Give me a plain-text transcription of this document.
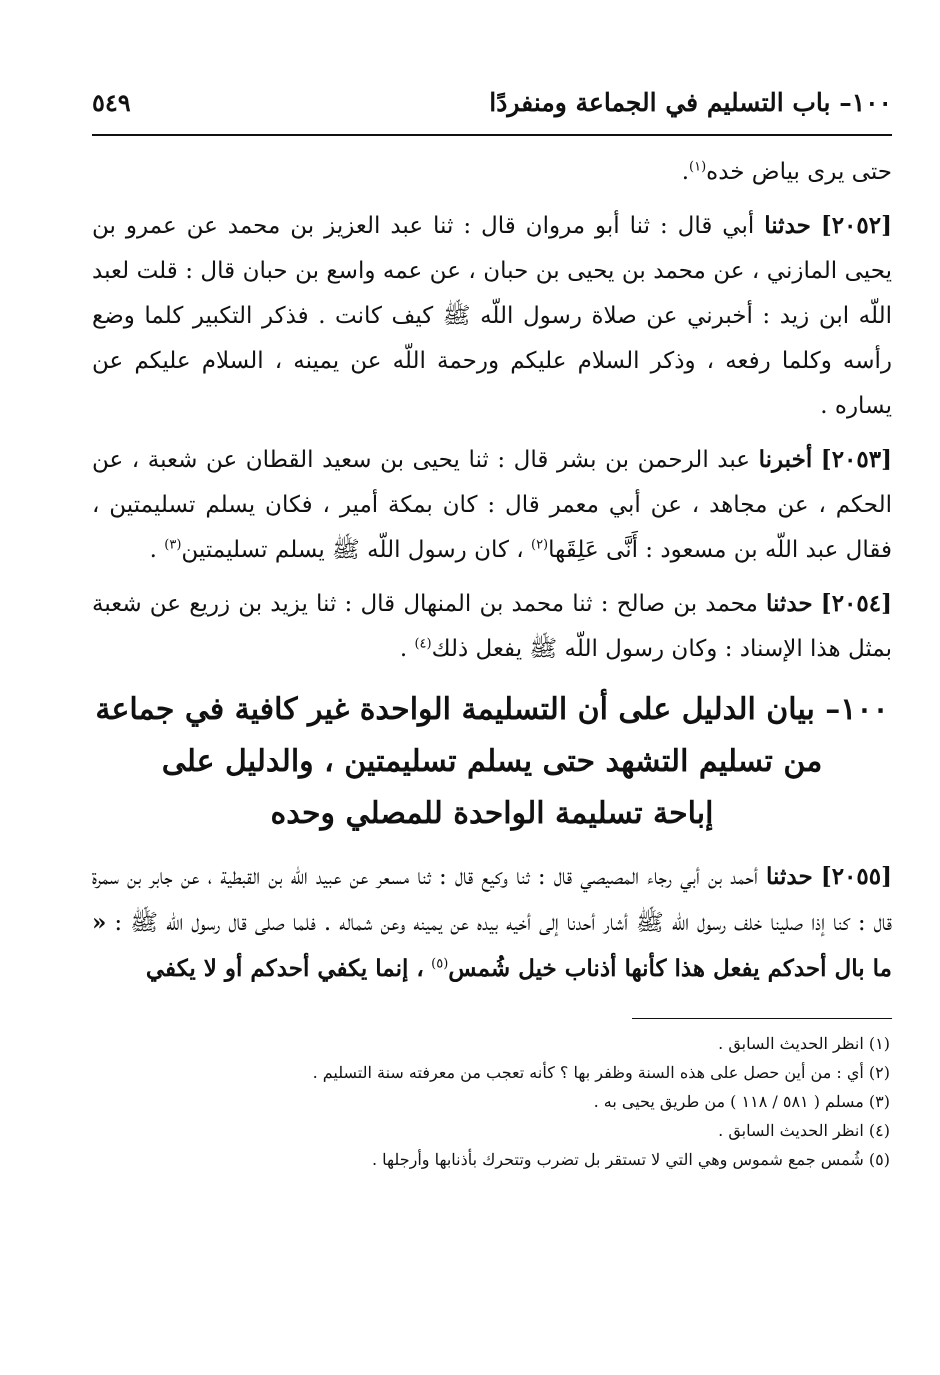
١٠٠– باب التسليم في الجماعة ومنفردًا
٥٤٩

حتى يرى بياض خده$^{(١)}$.

[٢٠٥٢] حدثنا أبي قال : ثنا أبو مروان قال : ثنا عبد العزيز بن محمد عن عمرو بن يحيى المازني ، عن محمد بن يحيى بن حبان ، عن عمه واسع بن حبان قال : قلت لعبد اللّه ابن زيد : أخبرني عن صلاة رسول اللّه ﷺ كيف كانت . فذكر التكبير كلما وضع رأسه وكلما رفعه ، وذكر السلام عليكم ورحمة اللّه عن يمينه ، السلام عليكم عن يساره .

[٢٠٥٣] أخبرنا عبد الرحمن بن بشر قال : ثنا يحيى بن سعيد القطان عن شعبة ، عن الحكم ، عن مجاهد ، عن أبي معمر قال : كان بمكة أمير ، فكان يسلم تسليمتين ، فقال عبد اللّه بن مسعود : أَنَّى عَلِقَها$^{(٢)}$ ، كان رسول اللّه ﷺ يسلم تسليمتين$^{(٣)}$ .

[٢٠٥٤] حدثنا محمد بن صالح : ثنا محمد بن المنهال قال : ثنا يزيد بن زريع عن شعبة بمثل هذا الإسناد : وكان رسول اللّه ﷺ يفعل ذلك$^{(٤)}$ .

١٠٠– بيان الدليل على أن التسليمة الواحدة غير كافية في جماعة
من تسليم التشهد حتى يسلم تسليمتين ، والدليل على
إباحة تسليمة الواحدة للمصلي وحده

[٢٠٥٥] حدثنا أحمد بن أبي رجاء المصيصي قال : ثنا وكيع قال : ثنا مسعر عن عبيد اللّه بن القبطية ، عن جابر بن سمرة قال : كنا إذا صلينا خلف رسول اللّه ﷺ أشار أحدنا إلى أخيه بيده عن يمينه وعن شماله . فلما صلى قال رسول اللّه ﷺ : « ما بال أحدكم يفعل هذا كأنها أذناب خيل شُمس$^{(٥)}$ ، إنما يكفي أحدكم أو لا يكفي

(١) انظر الحديث السابق .

(٢) أي : من أين حصل على هذه السنة وظفر بها ؟ كأنه تعجب من معرفته سنة التسليم .

(٣) مسلم ( ٥٨١ / ١١٨ ) من طريق يحيى به .

(٤) انظر الحديث السابق .

(٥) شُمس جمع شموس وهي التي لا تستقر بل تضرب وتتحرك بأذنابها وأرجلها .
